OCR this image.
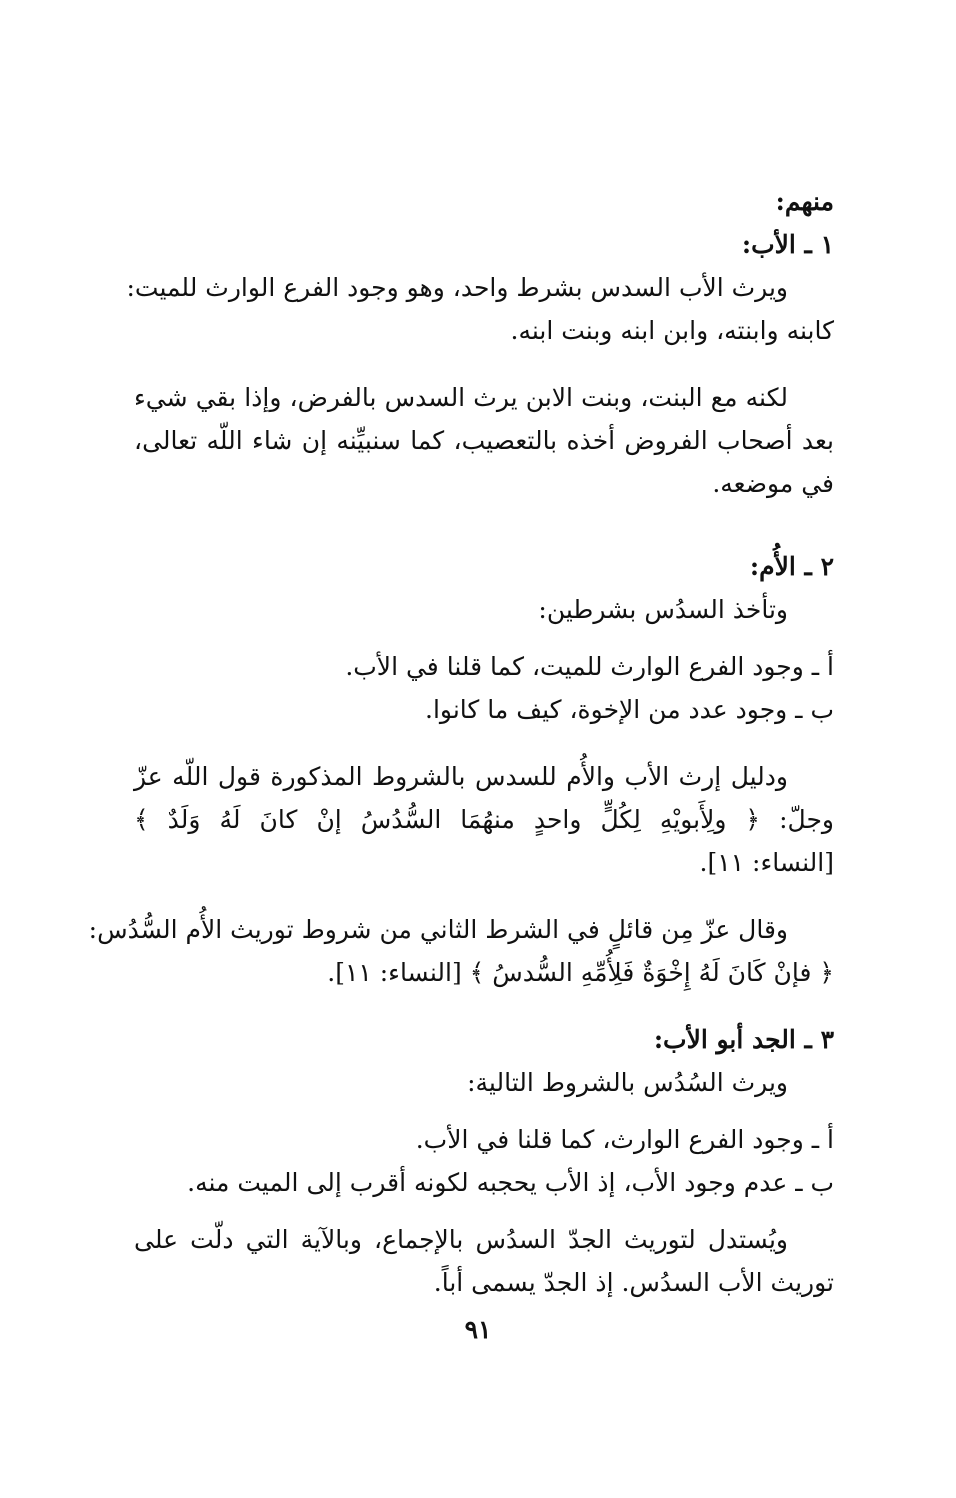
منهم:
١ ـ الأب:
ويرث الأب السدس بشرط واحد، وهو وجود الفرع الوارث للميت:
كابنه وابنته، وابن ابنه وبنت ابنه.
لكنه مع البنت، وبنت الابن يرث السدس بالفرض، وإذا بقي شيء
بعد أصحاب الفروض أخذه بالتعصيب، كما سنبيِّنه إن شاء اللّه تعالى،
في موضعه.
٢ ـ الأُم:
وتأخذ السدُس بشرطين:
أ ـ وجود الفرع الوارث للميت، كما قلنا في الأب.
ب ـ وجود عدد من الإخوة، كيف ما كانوا.
ودليل إرث الأب والأُم للسدس بالشروط المذكورة قول اللّه عزّ
وجلّ: ﴿ ولِأَبويْهِ لِكُلٍّ واحدٍ منهُمَا السُّدُسُ إنْ كانَ لَهُ وَلَدٌ ﴾
[النساء: ١١].
وقال عزّ مِن قائلٍ في الشرط الثاني من شروط توريث الأُم السُّدُس:
﴿ فإنْ كَانَ لَهُ إِخْوَةٌ فَلِأُمِّهِ السُّدسُ ﴾ [النساء: ١١].
٣ ـ الجد أبو الأب:
ويرث السُدُس بالشروط التالية:
أ ـ وجود الفرع الوارث، كما قلنا في الأب.
ب ـ عدم وجود الأب، إذ الأب يحجبه لكونه أقرب إلى الميت منه.
ويُستدل لتوريث الجدّ السدُس بالإجماع، وبالآية التي دلّت على
توريث الأب السدُس. إذ الجدّ يسمى أباً.
٩١
